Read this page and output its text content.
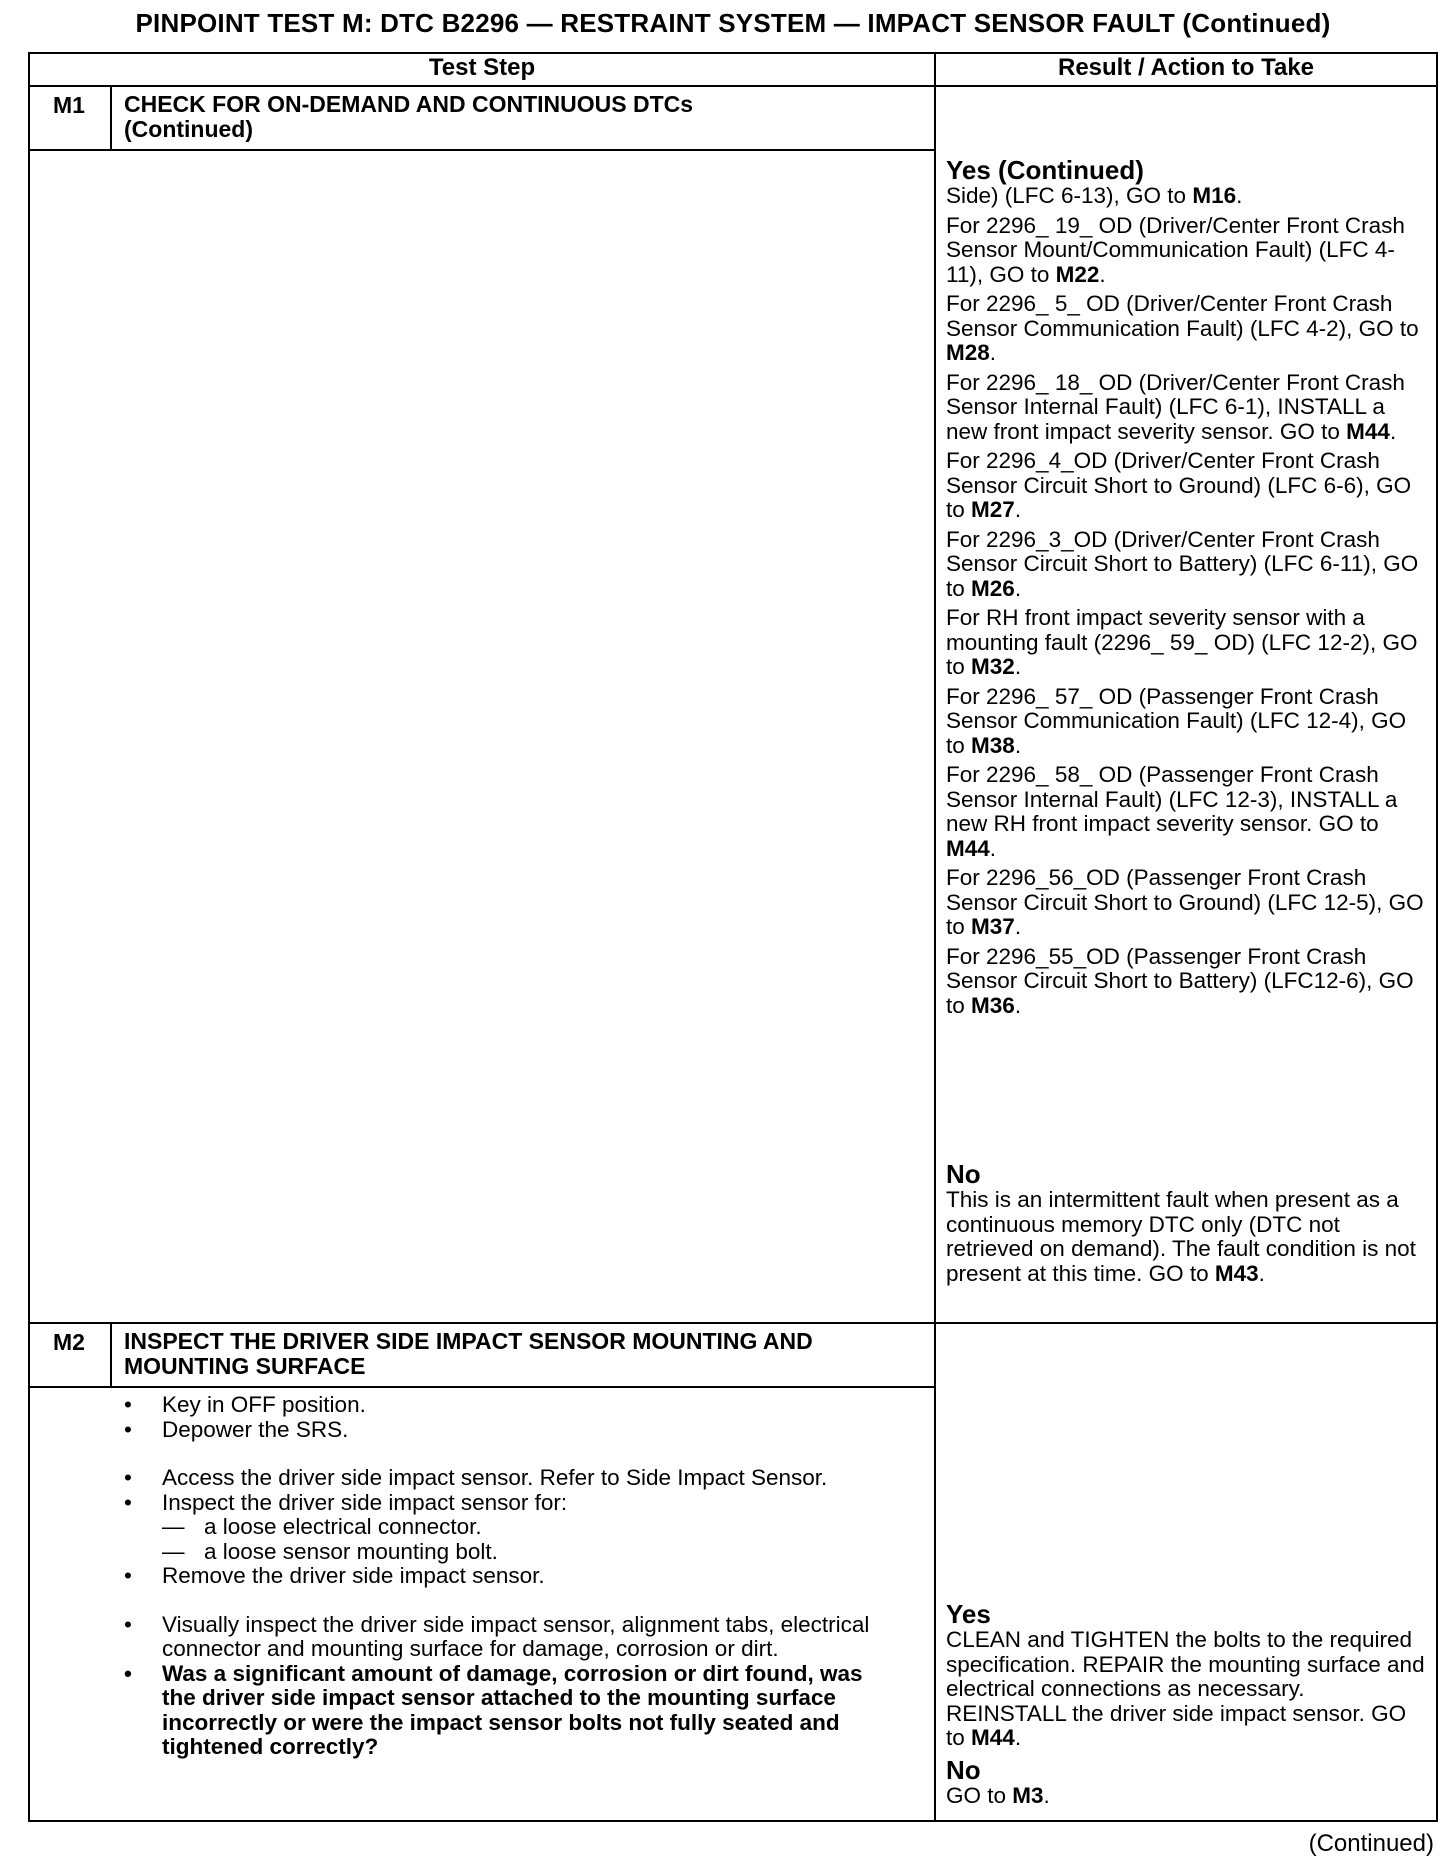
PINPOINT TEST M: DTC B2296 — RESTRAINT SYSTEM — IMPACT SENSOR FAULT (Continued)
Test Step	Result / Action to Take
M1	CHECK FOR ON-DEMAND AND CONTINUOUS DTCs
(Continued)
Yes (Continued)

Side) (LFC 6-13), GO to M16.

For 2296_ 19_ OD (Driver/Center Front Crash Sensor Mount/Communication Fault) (LFC 4-11), GO to M22.

For 2296_ 5_ OD (Driver/Center Front Crash Sensor Communication Fault) (LFC 4-2), GO to M28.

For 2296_ 18_ OD (Driver/Center Front Crash Sensor Internal Fault) (LFC 6-1), INSTALL a new front impact severity sensor. GO to M44.

For 2296_4_OD (Driver/Center Front Crash Sensor Circuit Short to Ground) (LFC 6-6), GO to M27.

For 2296_3_OD (Driver/Center Front Crash Sensor Circuit Short to Battery) (LFC 6-11), GO to M26.

For RH front impact severity sensor with a mounting fault (2296_ 59_ OD) (LFC 12-2), GO to M32.

For 2296_ 57_ OD (Passenger Front Crash Sensor Communication Fault) (LFC 12-4), GO to M38.

For 2296_ 58_ OD (Passenger Front Crash Sensor Internal Fault) (LFC 12-3), INSTALL a new RH front impact severity sensor. GO to M44.

For 2296_56_OD (Passenger Front Crash Sensor Circuit Short to Ground) (LFC 12-5), GO to M37.

For 2296_55_OD (Passenger Front Crash Sensor Circuit Short to Battery) (LFC12-6), GO to M36.

No

This is an intermittent fault when present as a continuous memory DTC only (DTC not retrieved on demand). The fault condition is not present at this time. GO to M43.

M2	INSPECT THE DRIVER SIDE IMPACT SENSOR MOUNTING AND
MOUNTING SURFACE
• Key in OFF position.
• Depower the SRS.
• Access the driver side impact sensor. Refer to Side Impact Sensor.
• Inspect the driver side impact sensor for:
— a loose electrical connector.
— a loose sensor mounting bolt.
• Remove the driver side impact sensor.
• Visually inspect the driver side impact sensor, alignment tabs, electrical connector and mounting surface for damage, corrosion or dirt.
• Was a significant amount of damage, corrosion or dirt found, was the driver side impact sensor attached to the mounting surface incorrectly or were the impact sensor bolts not fully seated and tightened correctly?
Yes

CLEAN and TIGHTEN the bolts to the required specification. REPAIR the mounting surface and electrical connections as necessary. REINSTALL the driver side impact sensor. GO to M44.

No

GO to M3.

(Continued)
